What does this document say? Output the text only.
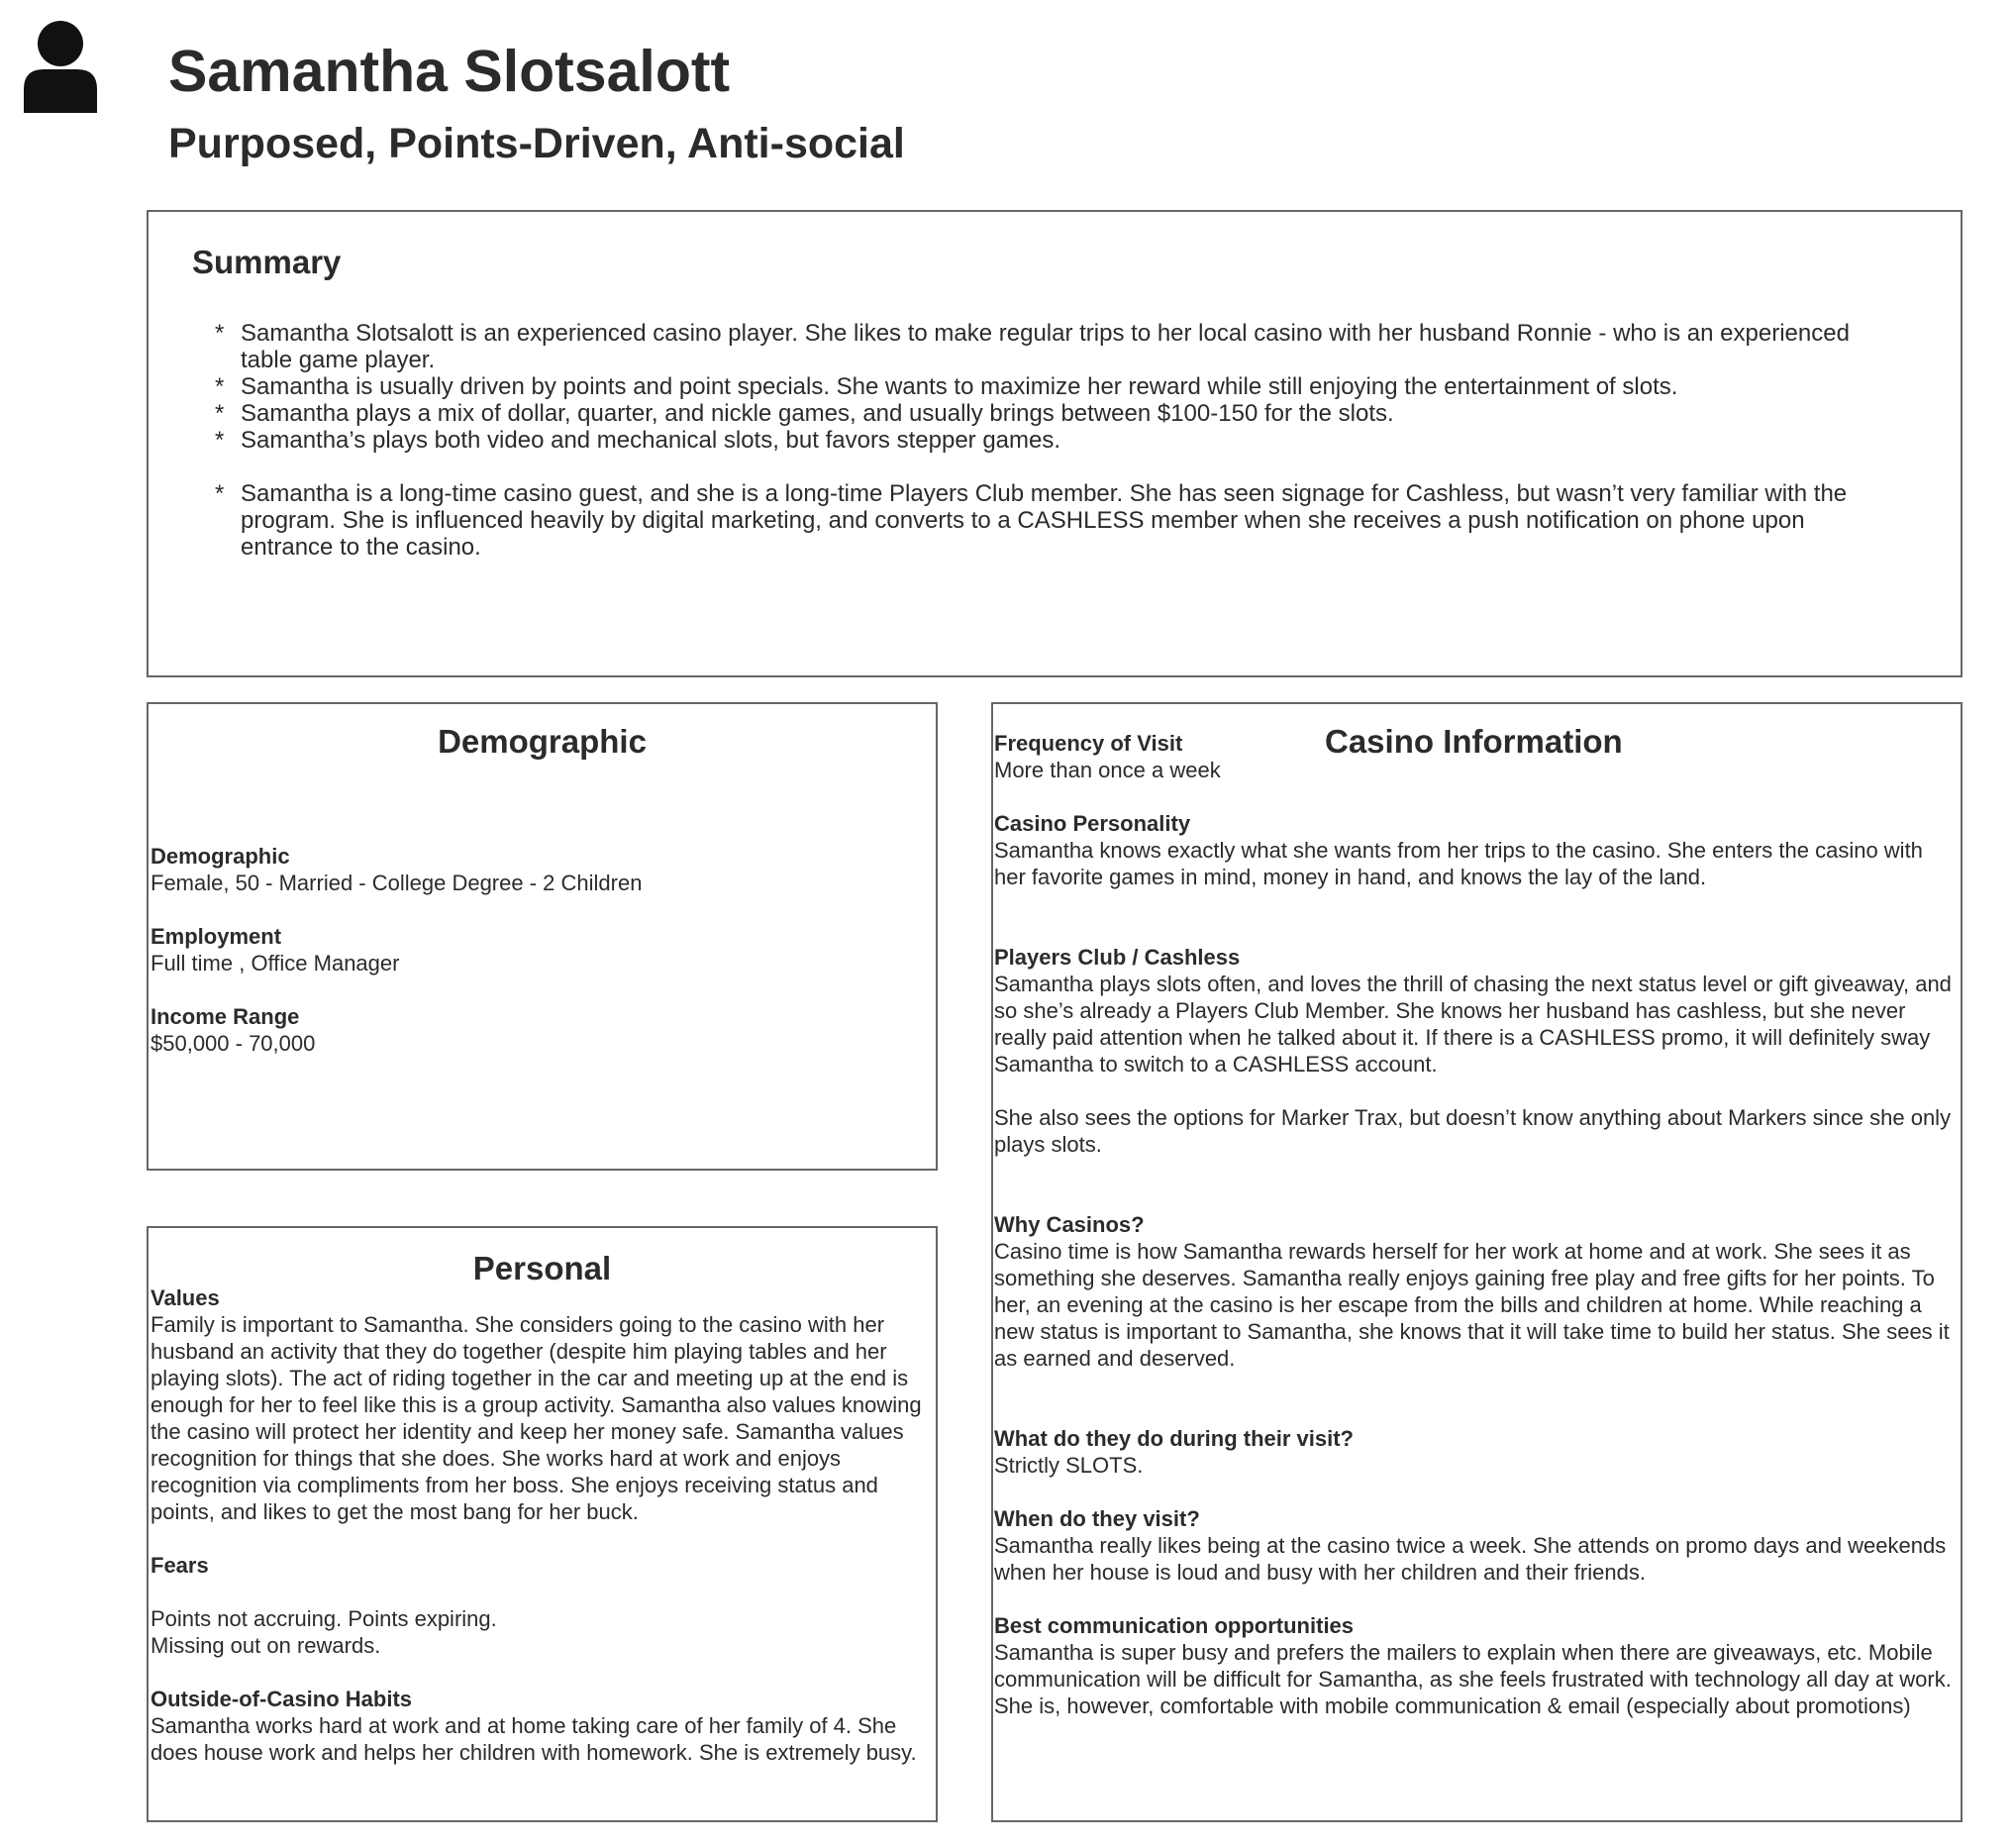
Samantha Slotsalott
Purposed, Points-Driven, Anti-social
Summary
* Samantha Slotsalott is an experienced casino player. She likes to make regular trips to her local casino with her husband Ronnie - who is an experienced table game player.
* Samantha is usually driven by points and point specials. She wants to maximize her reward while still enjoying the entertainment of slots.
* Samantha plays a mix of dollar, quarter, and nickle games, and usually brings between $100-150 for the slots.
* Samantha’s plays both video and mechanical slots, but favors stepper games.
* Samantha is a long-time casino guest, and she is a long-time Players Club member. She has seen signage for Cashless, but wasn’t very familiar with the program. She is influenced heavily by digital marketing, and converts to a CASHLESS member when she receives a push notification on phone upon entrance to the casino.
Demographic
Demographic
Female, 50 - Married - College Degree - 2 Children
Employment
Full time , Office Manager
Income Range
$50,000 - 70,000
Personal
Values
Family is important to Samantha. She considers going to the casino with her husband an activity that they do together (despite him playing tables and her playing slots). The act of riding together in the car and meeting up at the end is enough for her to feel like this is a group activity. Samantha also values knowing the casino will protect her identity and keep her money safe. Samantha values recognition for things that she does. She works hard at work and enjoys recognition via compliments from her boss. She enjoys receiving status and points, and likes to get the most bang for her buck.
Fears
Points not accruing. Points expiring.
Missing out on rewards.
Outside-of-Casino Habits
Samantha works hard at work and at home taking care of her family of 4. She does house work and helps her children with homework. She is extremely busy.
Casino Information
Frequency of Visit
More than once a week
Casino Personality
Samantha knows exactly what she wants from her trips to the casino. She enters the casino with her favorite games in mind, money in hand, and knows the lay of the land.
Players Club / Cashless
Samantha plays slots often, and loves the thrill of chasing the next status level or gift giveaway, and so she’s already a Players Club Member. She knows her husband has cashless, but she never really paid attention when he talked about it. If there is a CASHLESS promo, it will definitely sway Samantha to switch to a CASHLESS account.
She also sees the options for Marker Trax, but doesn’t know anything about Markers since she only plays slots.
Why Casinos?
Casino time is how Samantha rewards herself for her work at home and at work. She sees it as something she deserves. Samantha really enjoys gaining free play and free gifts for her points. To her, an evening at the casino is her escape from the bills and children at home. While reaching a new status is important to Samantha, she knows that it will take time to build her status. She sees it as earned and deserved.
What do they do during their visit?
Strictly SLOTS.
When do they visit?
Samantha really likes being at the casino twice a week. She attends on promo days and weekends when her house is loud and busy with her children and their friends.
Best communication opportunities
Samantha is super busy and prefers the mailers to explain when there are giveaways, etc. Mobile communication will be difficult for Samantha, as she feels frustrated with technology all day at work. She is, however, comfortable with mobile communication & email (especially about promotions)
